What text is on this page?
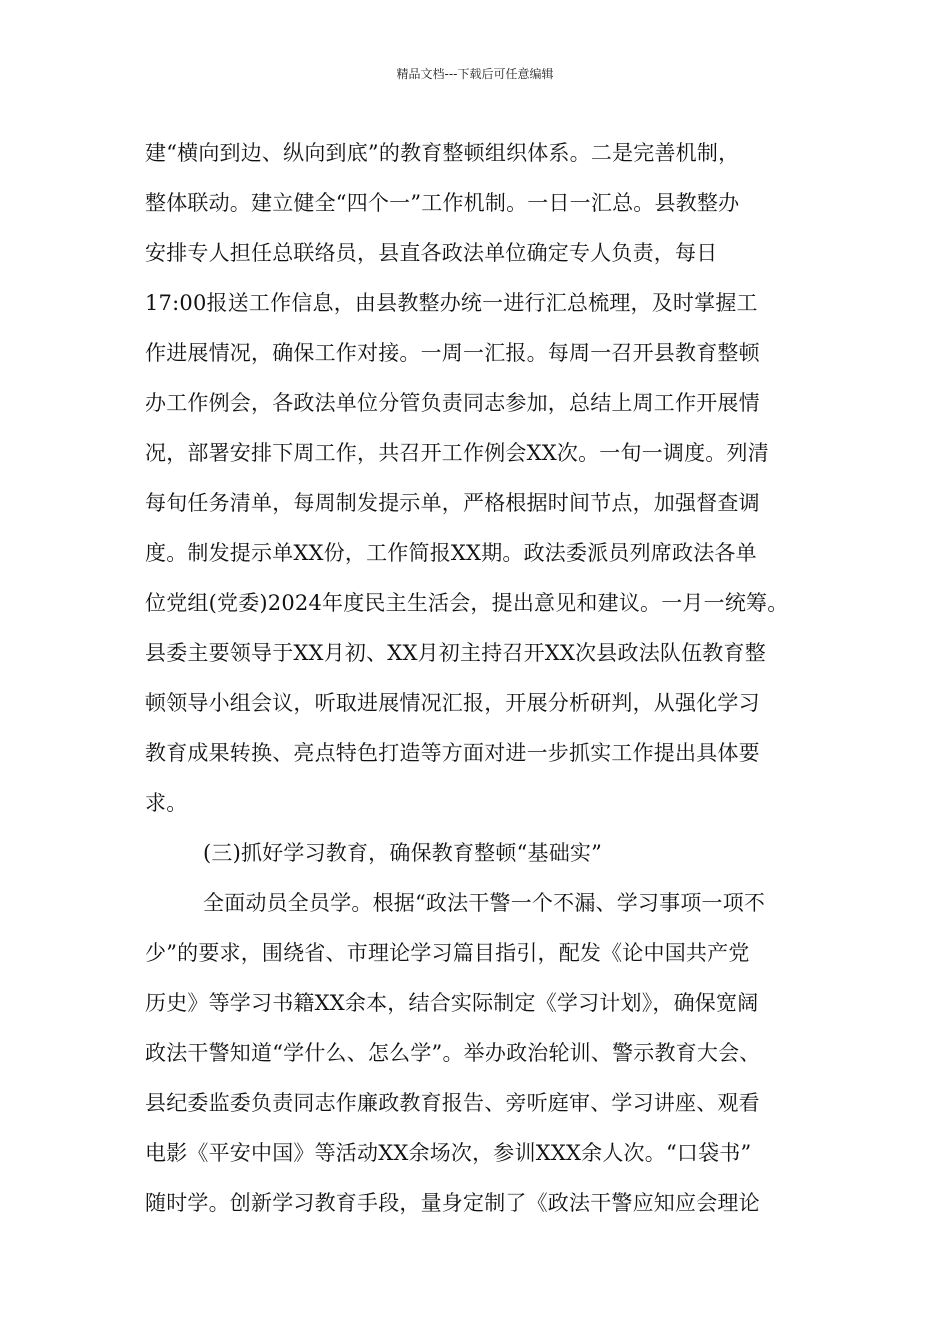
精品文档---下载后可任意编辑
建“横向到边、纵向到底”的教育整顿组织体系。二是完善机制，
整体联动。建立健全“四个一”工作机制。一日一汇总。县教整办
安排专人担任总联络员，县直各政法单位确定专人负责，每日
17:00报送工作信息，由县教整办统一进行汇总梳理，及时掌握工
作进展情况，确保工作对接。一周一汇报。每周一召开县教育整顿
办工作例会，各政法单位分管负责同志参加，总结上周工作开展情
况，部署安排下周工作，共召开工作例会XX次。一旬一调度。列清
每旬任务清单，每周制发提示单，严格根据时间节点，加强督查调
度。制发提示单XX份，工作简报XX期。政法委派员列席政法各单
位党组(党委)2024年度民主生活会，提出意见和建议。一月一统筹。
县委主要领导于XX月初、XX月初主持召开XX次县政法队伍教育整
顿领导小组会议，听取进展情况汇报，开展分析研判，从强化学习
教育成果转换、亮点特色打造等方面对进一步抓实工作提出具体要
求。
(三)抓好学习教育，确保教育整顿“基础实”
全面动员全员学。根据“政法干警一个不漏、学习事项一项不
少”的要求，围绕省、市理论学习篇目指引，配发《论中国共产党
历史》等学习书籍XX余本，结合实际制定《学习计划》，确保宽阔
政法干警知道“学什么、怎么学”。举办政治轮训、警示教育大会、
县纪委监委负责同志作廉政教育报告、旁听庭审、学习讲座、观看
电影《平安中国》等活动XX余场次，参训XXX余人次。“口袋书”
随时学。创新学习教育手段，量身定制了《政法干警应知应会理论
